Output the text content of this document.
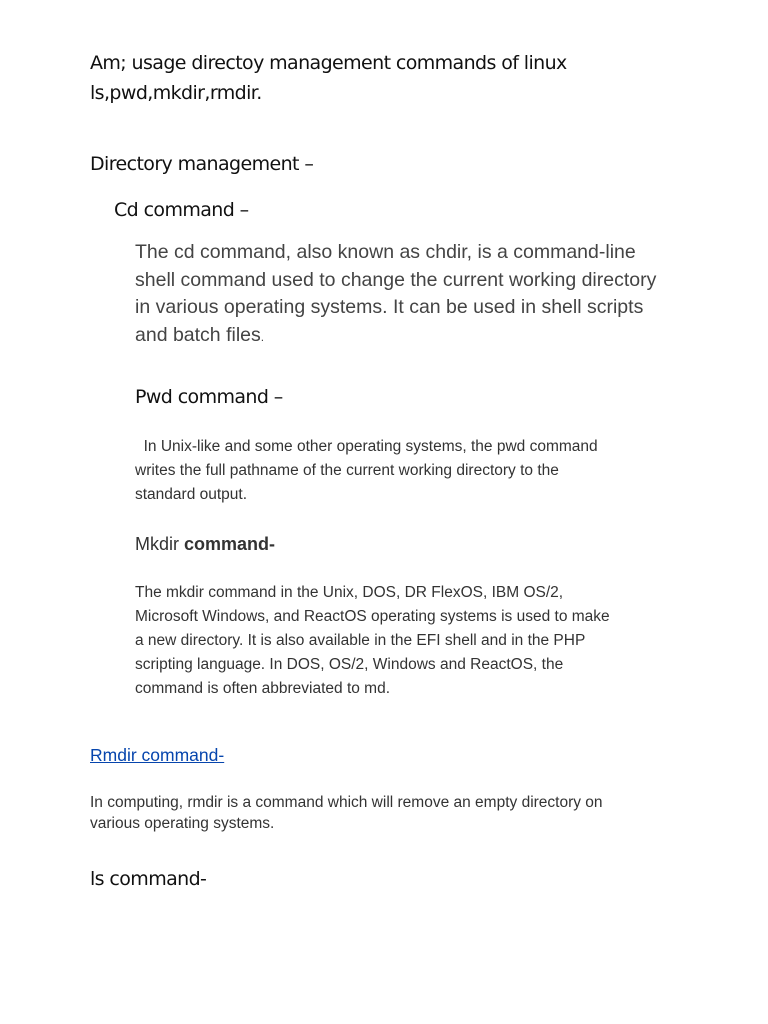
Am; usage directoy management commands of linux
ls,pwd,mkdir,rmdir.

Directory management –

Cd command –

The cd command, also known as chdir, is a command-line
shell command used to change the current working directory
in various operating systems. It can be used in shell scripts
and batch files.

Pwd command –

In Unix-like and some other operating systems, the pwd command
writes the full pathname of the current working directory to the
standard output.

Mkdir command-

The mkdir command in the Unix, DOS, DR FlexOS, IBM OS/2,
Microsoft Windows, and ReactOS operating systems is used to make
a new directory. It is also available in the EFI shell and in the PHP
scripting language. In DOS, OS/2, Windows and ReactOS, the
command is often abbreviated to md.

Rmdir command-

In computing, rmdir is a command which will remove an empty directory on
various operating systems.

ls command-
